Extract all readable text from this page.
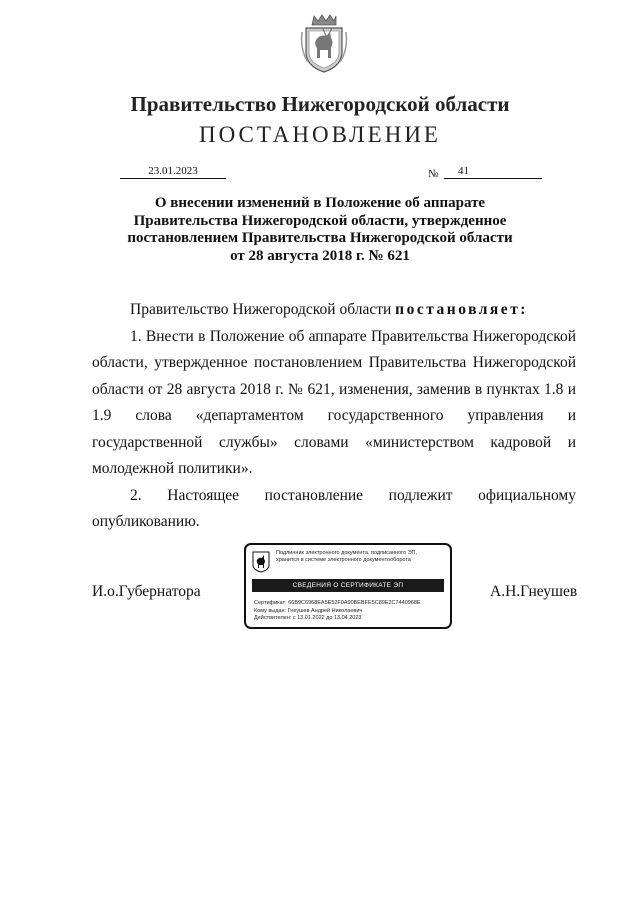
Правительство Нижегородской области
ПОСТАНОВЛЕНИЕ
23.01.2023	№	41
О внесении изменений в Положение об аппарате
Правительства Нижегородской области, утвержденное
постановлением Правительства Нижегородской области
от 28 августа 2018 г. № 621

Правительство Нижегородской области постановляет:

1. Внести в Положение об аппарате Правительства Нижегородской области, утвержденное постановлением Правительства Нижегородской области от 28 августа 2018 г. № 621, изменения, заменив в пунктах 1.8 и 1.9 слова «департаментом государственного управления и государственной службы» словами «министерством кадровой и молодежной политики».

2. Настоящее постановление подлежит официальному опубликованию.

И.о.Губернатора	А.Н.Гнеушев
Подлинник электронного документа, подписанного ЭП,
хранится в системе электронного документооборота
СВЕДЕНИЯ О СЕРТИФИКАТЕ ЭП
Сертификат: 66B9C6968EA5E52F0A90BEBFE5C89E2C7440968E
Кому выдан: Гнеушев Андрей Николаевич
Действителен: с 13.01.2022 до 13.04.2023
